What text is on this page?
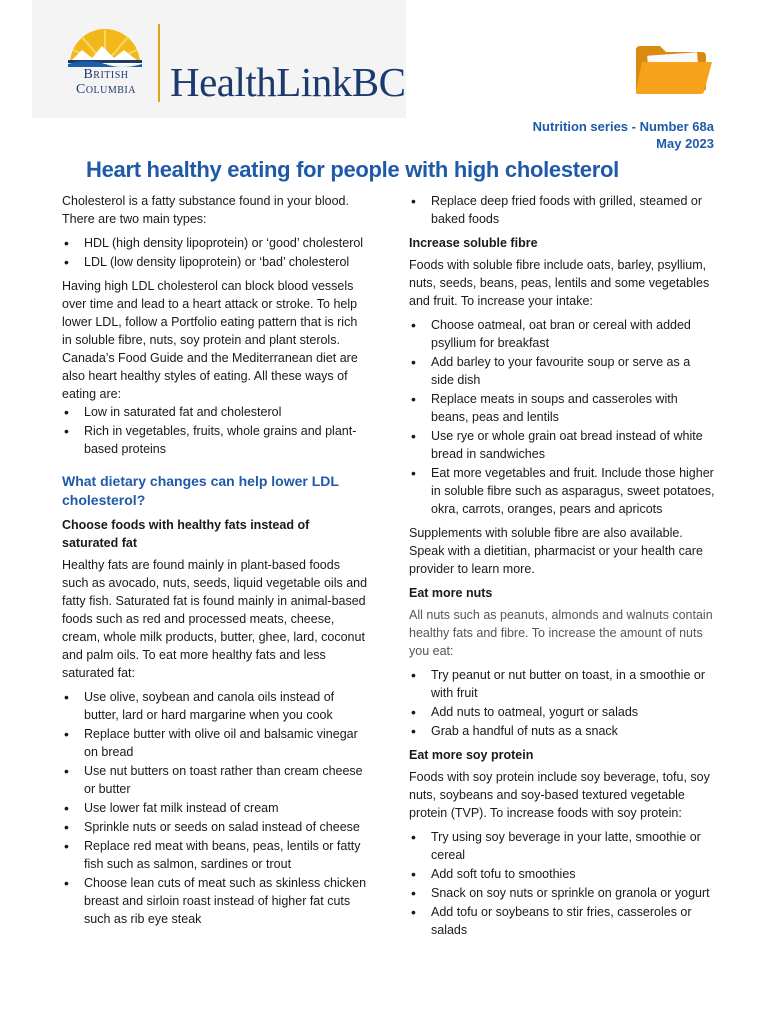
British
Columbia HealthLinkBC
Nutrition series - Number 68a
May 2023
Heart healthy eating for people with high cholesterol

Cholesterol is a fatty substance found in your blood. There are two main types:

• HDL (high density lipoprotein) or ‘good’ cholesterol
• LDL (low density lipoprotein) or ‘bad’ cholesterol

Having high LDL cholesterol can block blood vessels over time and lead to a heart attack or stroke. To help lower LDL, follow a Portfolio eating pattern that is rich in soluble fibre, nuts, soy protein and plant sterols. Canada’s Food Guide and the Mediterranean diet are also heart healthy styles of eating. All these ways of eating are:

• Low in saturated fat and cholesterol
• Rich in vegetables, fruits, whole grains and plant-based proteins
What dietary changes can help lower LDL cholesterol?
Choose foods with healthy fats instead of saturated fat

Healthy fats are found mainly in plant-based foods such as avocado, nuts, seeds, liquid vegetable oils and fatty fish. Saturated fat is found mainly in animal-based foods such as red and processed meats, cheese, cream, whole milk products, butter, ghee, lard, coconut and palm oils. To eat more healthy fats and less saturated fat:

• Use olive, soybean and canola oils instead of butter, lard or hard margarine when you cook
• Replace butter with olive oil and balsamic vinegar on bread
• Use nut butters on toast rather than cream cheese or butter
• Use lower fat milk instead of cream
• Sprinkle nuts or seeds on salad instead of cheese
• Replace red meat with beans, peas, lentils or fatty fish such as salmon, sardines or trout
• Choose lean cuts of meat such as skinless chicken breast and sirloin roast instead of higher fat cuts such as rib eye steak
• Replace deep fried foods with grilled, steamed or baked foods
Increase soluble fibre

Foods with soluble fibre include oats, barley, psyllium, nuts, seeds, beans, peas, lentils and some vegetables and fruit. To increase your intake:

• Choose oatmeal, oat bran or cereal with added psyllium for breakfast
• Add barley to your favourite soup or serve as a side dish
• Replace meats in soups and casseroles with beans, peas and lentils
• Use rye or whole grain oat bread instead of white bread in sandwiches
• Eat more vegetables and fruit. Include those higher in soluble fibre such as asparagus, sweet potatoes, okra, carrots, oranges, pears and apricots

Supplements with soluble fibre are also available. Speak with a dietitian, pharmacist or your health care provider to learn more.

Eat more nuts

All nuts such as peanuts, almonds and walnuts contain healthy fats and fibre. To increase the amount of nuts you eat:

• Try peanut or nut butter on toast, in a smoothie or with fruit
• Add nuts to oatmeal, yogurt or salads
• Grab a handful of nuts as a snack
Eat more soy protein

Foods with soy protein include soy beverage, tofu, soy nuts, soybeans and soy-based textured vegetable protein (TVP). To increase foods with soy protein:

• Try using soy beverage in your latte, smoothie or cereal
• Add soft tofu to smoothies
• Snack on soy nuts or sprinkle on granola or yogurt
• Add tofu or soybeans to stir fries, casseroles or salads
